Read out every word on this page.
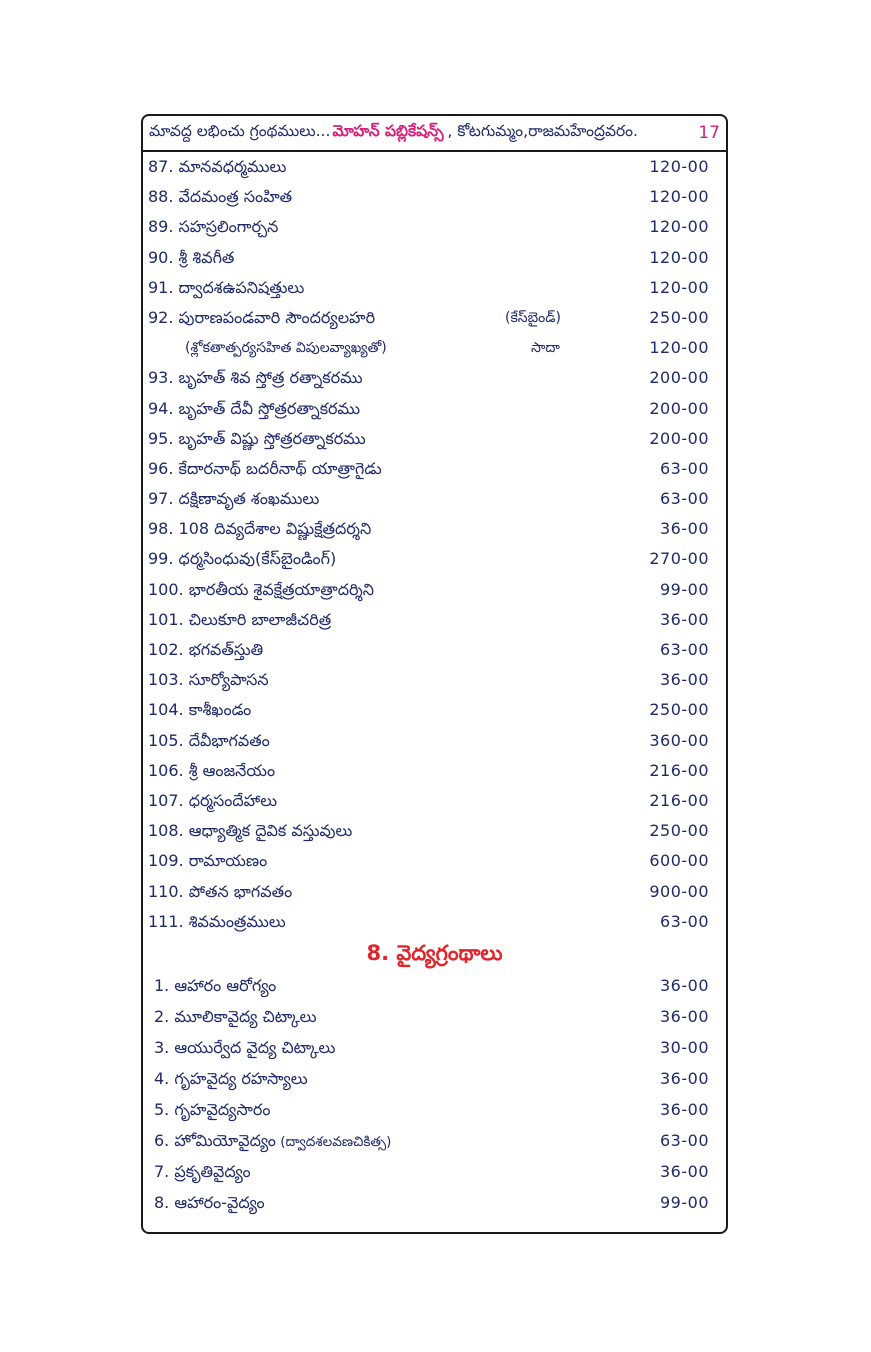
మావద్ద లభించు గ్రంథములు... మోహన్ పబ్లికేషన్స్ , కోటగుమ్మం,రాజమహేంద్రవరం.	17
87. మానవధర్మములు	120-00
88. వేదమంత్ర సంహిత	120-00
89. సహస్రలింగార్చన	120-00
90. శ్రీ శివగీత	120-00
91. ద్వాదశఉపనిషత్తులు	120-00
92. పురాణపండవారి సౌందర్యలహరి	(కేస్‌బైండ్)	250-00
(శ్లోకతాత్పర్యసహిత విపులవ్యాఖ్యతో)	సాదా	120-00
93. బృహత్ శివ స్తోత్ర రత్నాకరము	200-00
94. బృహత్ దేవీ స్తోత్రరత్నాకరము	200-00
95. బృహత్ విష్ణు స్తోత్రరత్నాకరము	200-00
96. కేదారనాథ్ బదరీనాథ్ యాత్రాగైడు	63-00
97. దక్షిణావృత శంఖములు	63-00
98. 108 దివ్యదేశాల విష్ణుక్షేత్రదర్శని	36-00
99. ధర్మసింధువు(కేస్‌బైండింగ్)	270-00
100. భారతీయ శైవక్షేత్రయాత్రాదర్శిని	99-00
101. చిలుకూరి బాలాజీచరిత్ర	36-00
102. భగవత్‌స్తుతి	63-00
103. సూర్యోపాసన	36-00
104. కాశీఖండం	250-00
105. దేవీభాగవతం	360-00
106. శ్రీ ఆంజనేయం	216-00
107. ధర్మసందేహాలు	216-00
108. ఆధ్యాత్మిక దైవిక వస్తువులు	250-00
109. రామాయణం	600-00
110. పోతన భాగవతం	900-00
111. శివమంత్రములు	63-00
8. వైద్యగ్రంథాలు
1. ఆహారం ఆరోగ్యం	36-00
2. మూలికావైద్య చిట్కాలు	36-00
3. ఆయుర్వేద వైద్య చిట్కాలు	30-00
4. గృహవైద్య రహస్యాలు	36-00
5. గృహవైద్యసారం	36-00
6. హోమియోవైద్యం (ద్వాదశలవణచికిత్స)	63-00
7. ప్రకృతివైద్యం	36-00
8. ఆహారం-వైద్యం	99-00
